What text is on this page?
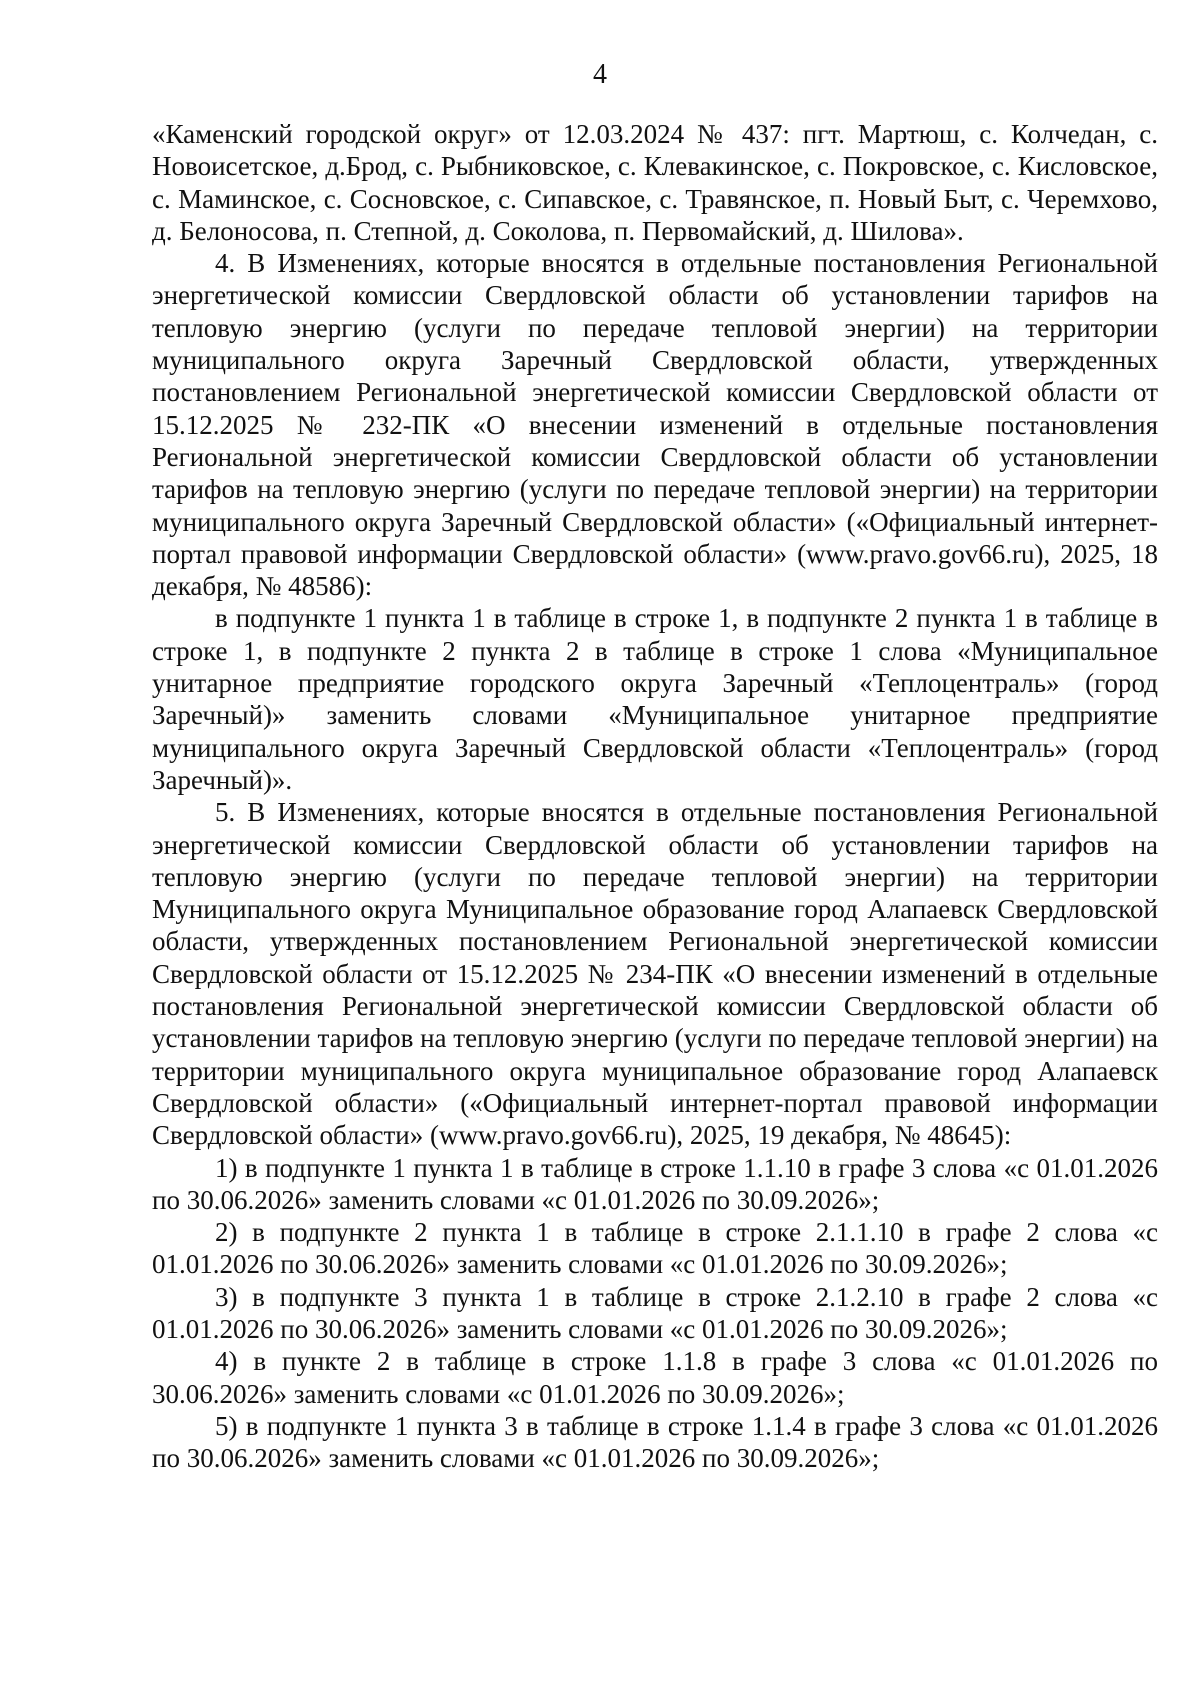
4

«Каменский городской округ» от 12.03.2024 № 437: пгт. Мартюш, с. Колчедан, с. Новоисетское, д.Брод, с. Рыбниковское, с. Клевакинское, с. Покровское, с. Кисловское, с. Маминское, с. Сосновское, с. Сипавское, с. Травянское, п. Новый Быт, с. Черемхово, д. Белоносова, п. Степной, д. Соколова, п. Первомайский, д. Шилова».

4. В Изменениях, которые вносятся в отдельные постановления Региональной энергетической комиссии Свердловской области об установлении тарифов на тепловую энергию (услуги по передаче тепловой энергии) на территории муниципального округа Заречный Свердловской области, утвержденных постановлением Региональной энергетической комиссии Свердловской области от 15.12.2025 № 232-ПК «О внесении изменений в отдельные постановления Региональной энергетической комиссии Свердловской области об установлении тарифов на тепловую энергию (услуги по передаче тепловой энергии) на территории муниципального округа Заречный Свердловской области» («Официальный интернет-портал правовой информации Свердловской области» (www.pravo.gov66.ru), 2025, 18 декабря, № 48586):

в подпункте 1 пункта 1 в таблице в строке 1, в подпункте 2 пункта 1 в таблице в строке 1, в подпункте 2 пункта 2 в таблице в строке 1 слова «Муниципальное унитарное предприятие городского округа Заречный «Теплоцентраль» (город Заречный)» заменить словами «Муниципальное унитарное предприятие муниципального округа Заречный Свердловской области «Теплоцентраль» (город Заречный)».

5. В Изменениях, которые вносятся в отдельные постановления Региональной энергетической комиссии Свердловской области об установлении тарифов на тепловую энергию (услуги по передаче тепловой энергии) на территории Муниципального округа Муниципальное образование город Алапаевск Свердловской области, утвержденных постановлением Региональной энергетической комиссии Свердловской области от 15.12.2025 № 234-ПК «О внесении изменений в отдельные постановления Региональной энергетической комиссии Свердловской области об установлении тарифов на тепловую энергию (услуги по передаче тепловой энергии) на территории муниципального округа муниципальное образование город Алапаевск Свердловской области» («Официальный интернет-портал правовой информации Свердловской области» (www.pravo.gov66.ru), 2025, 19 декабря, № 48645):

1) в подпункте 1 пункта 1 в таблице в строке 1.1.10 в графе 3 слова «с 01.01.2026 по 30.06.2026» заменить словами «с 01.01.2026 по 30.09.2026»;

2) в подпункте 2 пункта 1 в таблице в строке 2.1.1.10 в графе 2 слова «с 01.01.2026 по 30.06.2026» заменить словами «с 01.01.2026 по 30.09.2026»;

3) в подпункте 3 пункта 1 в таблице в строке 2.1.2.10 в графе 2 слова «с 01.01.2026 по 30.06.2026» заменить словами «с 01.01.2026 по 30.09.2026»;

4) в пункте 2 в таблице в строке 1.1.8 в графе 3 слова «с 01.01.2026 по 30.06.2026» заменить словами «с 01.01.2026 по 30.09.2026»;

5) в подпункте 1 пункта 3 в таблице в строке 1.1.4 в графе 3 слова «с 01.01.2026 по 30.06.2026» заменить словами «с 01.01.2026 по 30.09.2026»;
